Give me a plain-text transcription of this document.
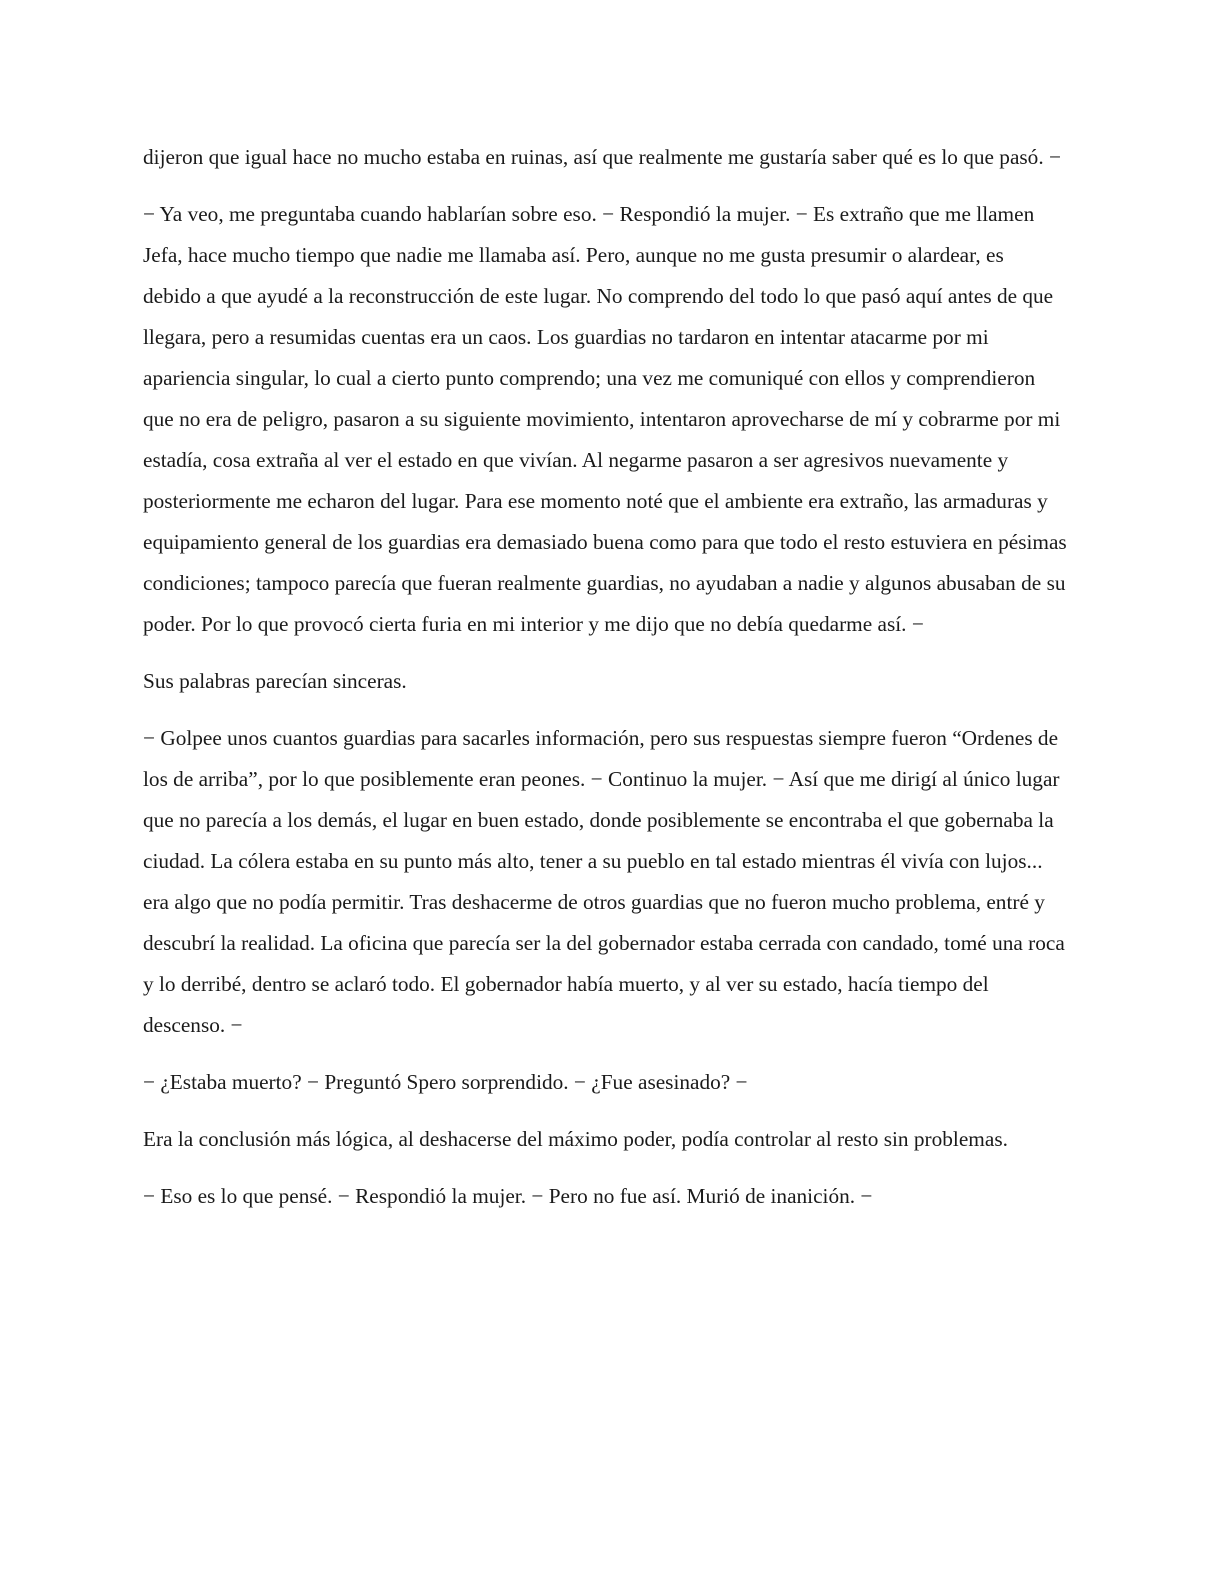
dijeron que igual hace no mucho estaba en ruinas, así que realmente me gustaría saber qué es lo que pasó. −

− Ya veo, me preguntaba cuando hablarían sobre eso. − Respondió la mujer. − Es extraño que me llamen Jefa, hace mucho tiempo que nadie me llamaba así. Pero, aunque no me gusta presumir o alardear, es debido a que ayudé a la reconstrucción de este lugar. No comprendo del todo lo que pasó aquí antes de que llegara, pero a resumidas cuentas era un caos. Los guardias no tardaron en intentar atacarme por mi apariencia singular, lo cual a cierto punto comprendo; una vez me comuniqué con ellos y comprendieron que no era de peligro, pasaron a su siguiente movimiento, intentaron aprovecharse de mí y cobrarme por mi estadía, cosa extraña al ver el estado en que vivían. Al negarme pasaron a ser agresivos nuevamente y posteriormente me echaron del lugar. Para ese momento noté que el ambiente era extraño, las armaduras y equipamiento general de los guardias era demasiado buena como para que todo el resto estuviera en pésimas condiciones; tampoco parecía que fueran realmente guardias, no ayudaban a nadie y algunos abusaban de su poder. Por lo que provocó cierta furia en mi interior y me dijo que no debía quedarme así. −

Sus palabras parecían sinceras.

− Golpee unos cuantos guardias para sacarles información, pero sus respuestas siempre fueron “Ordenes de los de arriba”, por lo que posiblemente eran peones. − Continuo la mujer. − Así que me dirigí al único lugar que no parecía a los demás, el lugar en buen estado, donde posiblemente se encontraba el que gobernaba la ciudad. La cólera estaba en su punto más alto, tener a su pueblo en tal estado mientras él vivía con lujos... era algo que no podía permitir. Tras deshacerme de otros guardias que no fueron mucho problema, entré y descubrí la realidad. La oficina que parecía ser la del gobernador estaba cerrada con candado, tomé una roca y lo derribé, dentro se aclaró todo. El gobernador había muerto, y al ver su estado, hacía tiempo del descenso. −

− ¿Estaba muerto? − Preguntó Spero sorprendido. − ¿Fue asesinado? −

Era la conclusión más lógica, al deshacerse del máximo poder, podía controlar al resto sin problemas.

− Eso es lo que pensé. − Respondió la mujer. − Pero no fue así. Murió de inanición. −
